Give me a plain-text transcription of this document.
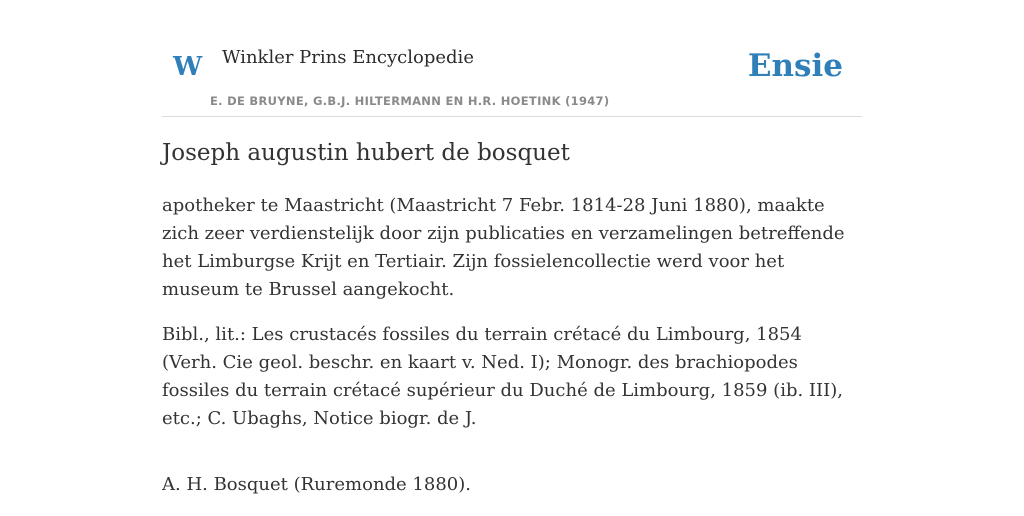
W Winkler Prins Encyclopedie
E. DE BRUYNE, G.B.J. HILTERMANN EN H.R. HOETINK (1947)
Ensie
Joseph augustin hubert de bosquet

apotheker te Maastricht (Maastricht 7 Febr. 1814-28 Juni 1880), maakte zich zeer verdienstelijk door zijn publicaties en verzamelingen betreffende het Limburgse Krijt en Tertiair. Zijn fossielencollectie werd voor het museum te Brussel aangekocht.

Bibl., lit.: Les crustacés fossiles du terrain crétacé du Limbourg, 1854 (Verh. Cie geol. beschr. en kaart v. Ned. I); Monogr. des brachiopodes fossiles du terrain crétacé supérieur du Duché de Limbourg, 1859 (ib. III), etc.; C. Ubaghs, Notice biogr. de J.

A. H. Bosquet (Ruremonde 1880).
